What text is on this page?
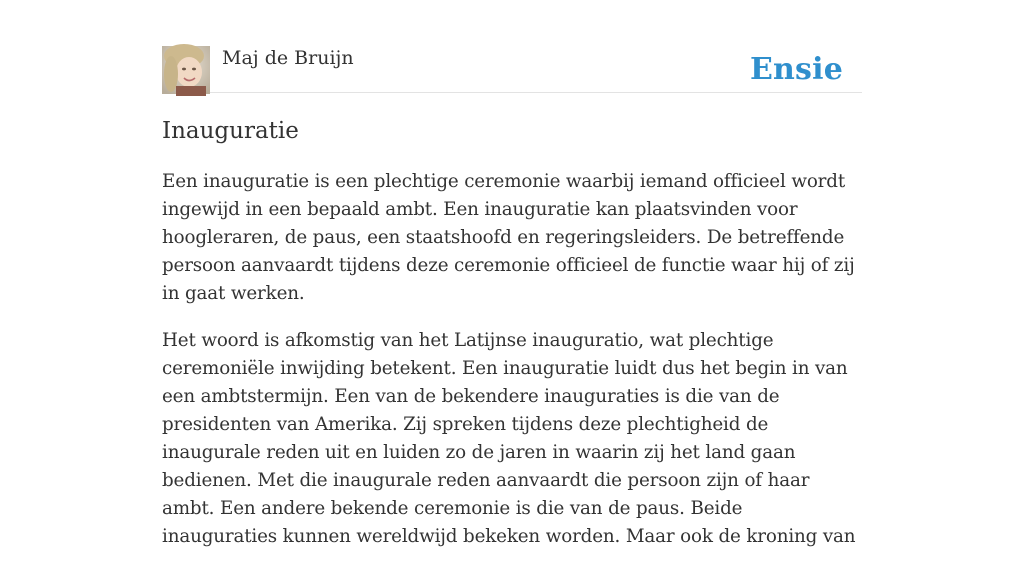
Maj de Bruijn	Ensie
Inauguratie

Een inauguratie is een plechtige ceremonie waarbij iemand officieel wordt ingewijd in een bepaald ambt. Een inauguratie kan plaatsvinden voor hoogleraren, de paus, een staatshoofd en regeringsleiders. De betreffende persoon aanvaardt tijdens deze ceremonie officieel de functie waar hij of zij in gaat werken.

Het woord is afkomstig van het Latijnse inauguratio, wat plechtige ceremoniële inwijding betekent. Een inauguratie luidt dus het begin in van een ambtstermijn. Een van de bekendere inauguraties is die van de presidenten van Amerika. Zij spreken tijdens deze plechtigheid de inaugurale reden uit en luiden zo de jaren in waarin zij het land gaan bedienen. Met die inaugurale reden aanvaardt die persoon zijn of haar ambt. Een andere bekende ceremonie is die van de paus. Beide inauguraties kunnen wereldwijd bekeken worden. Maar ook de kroning van
